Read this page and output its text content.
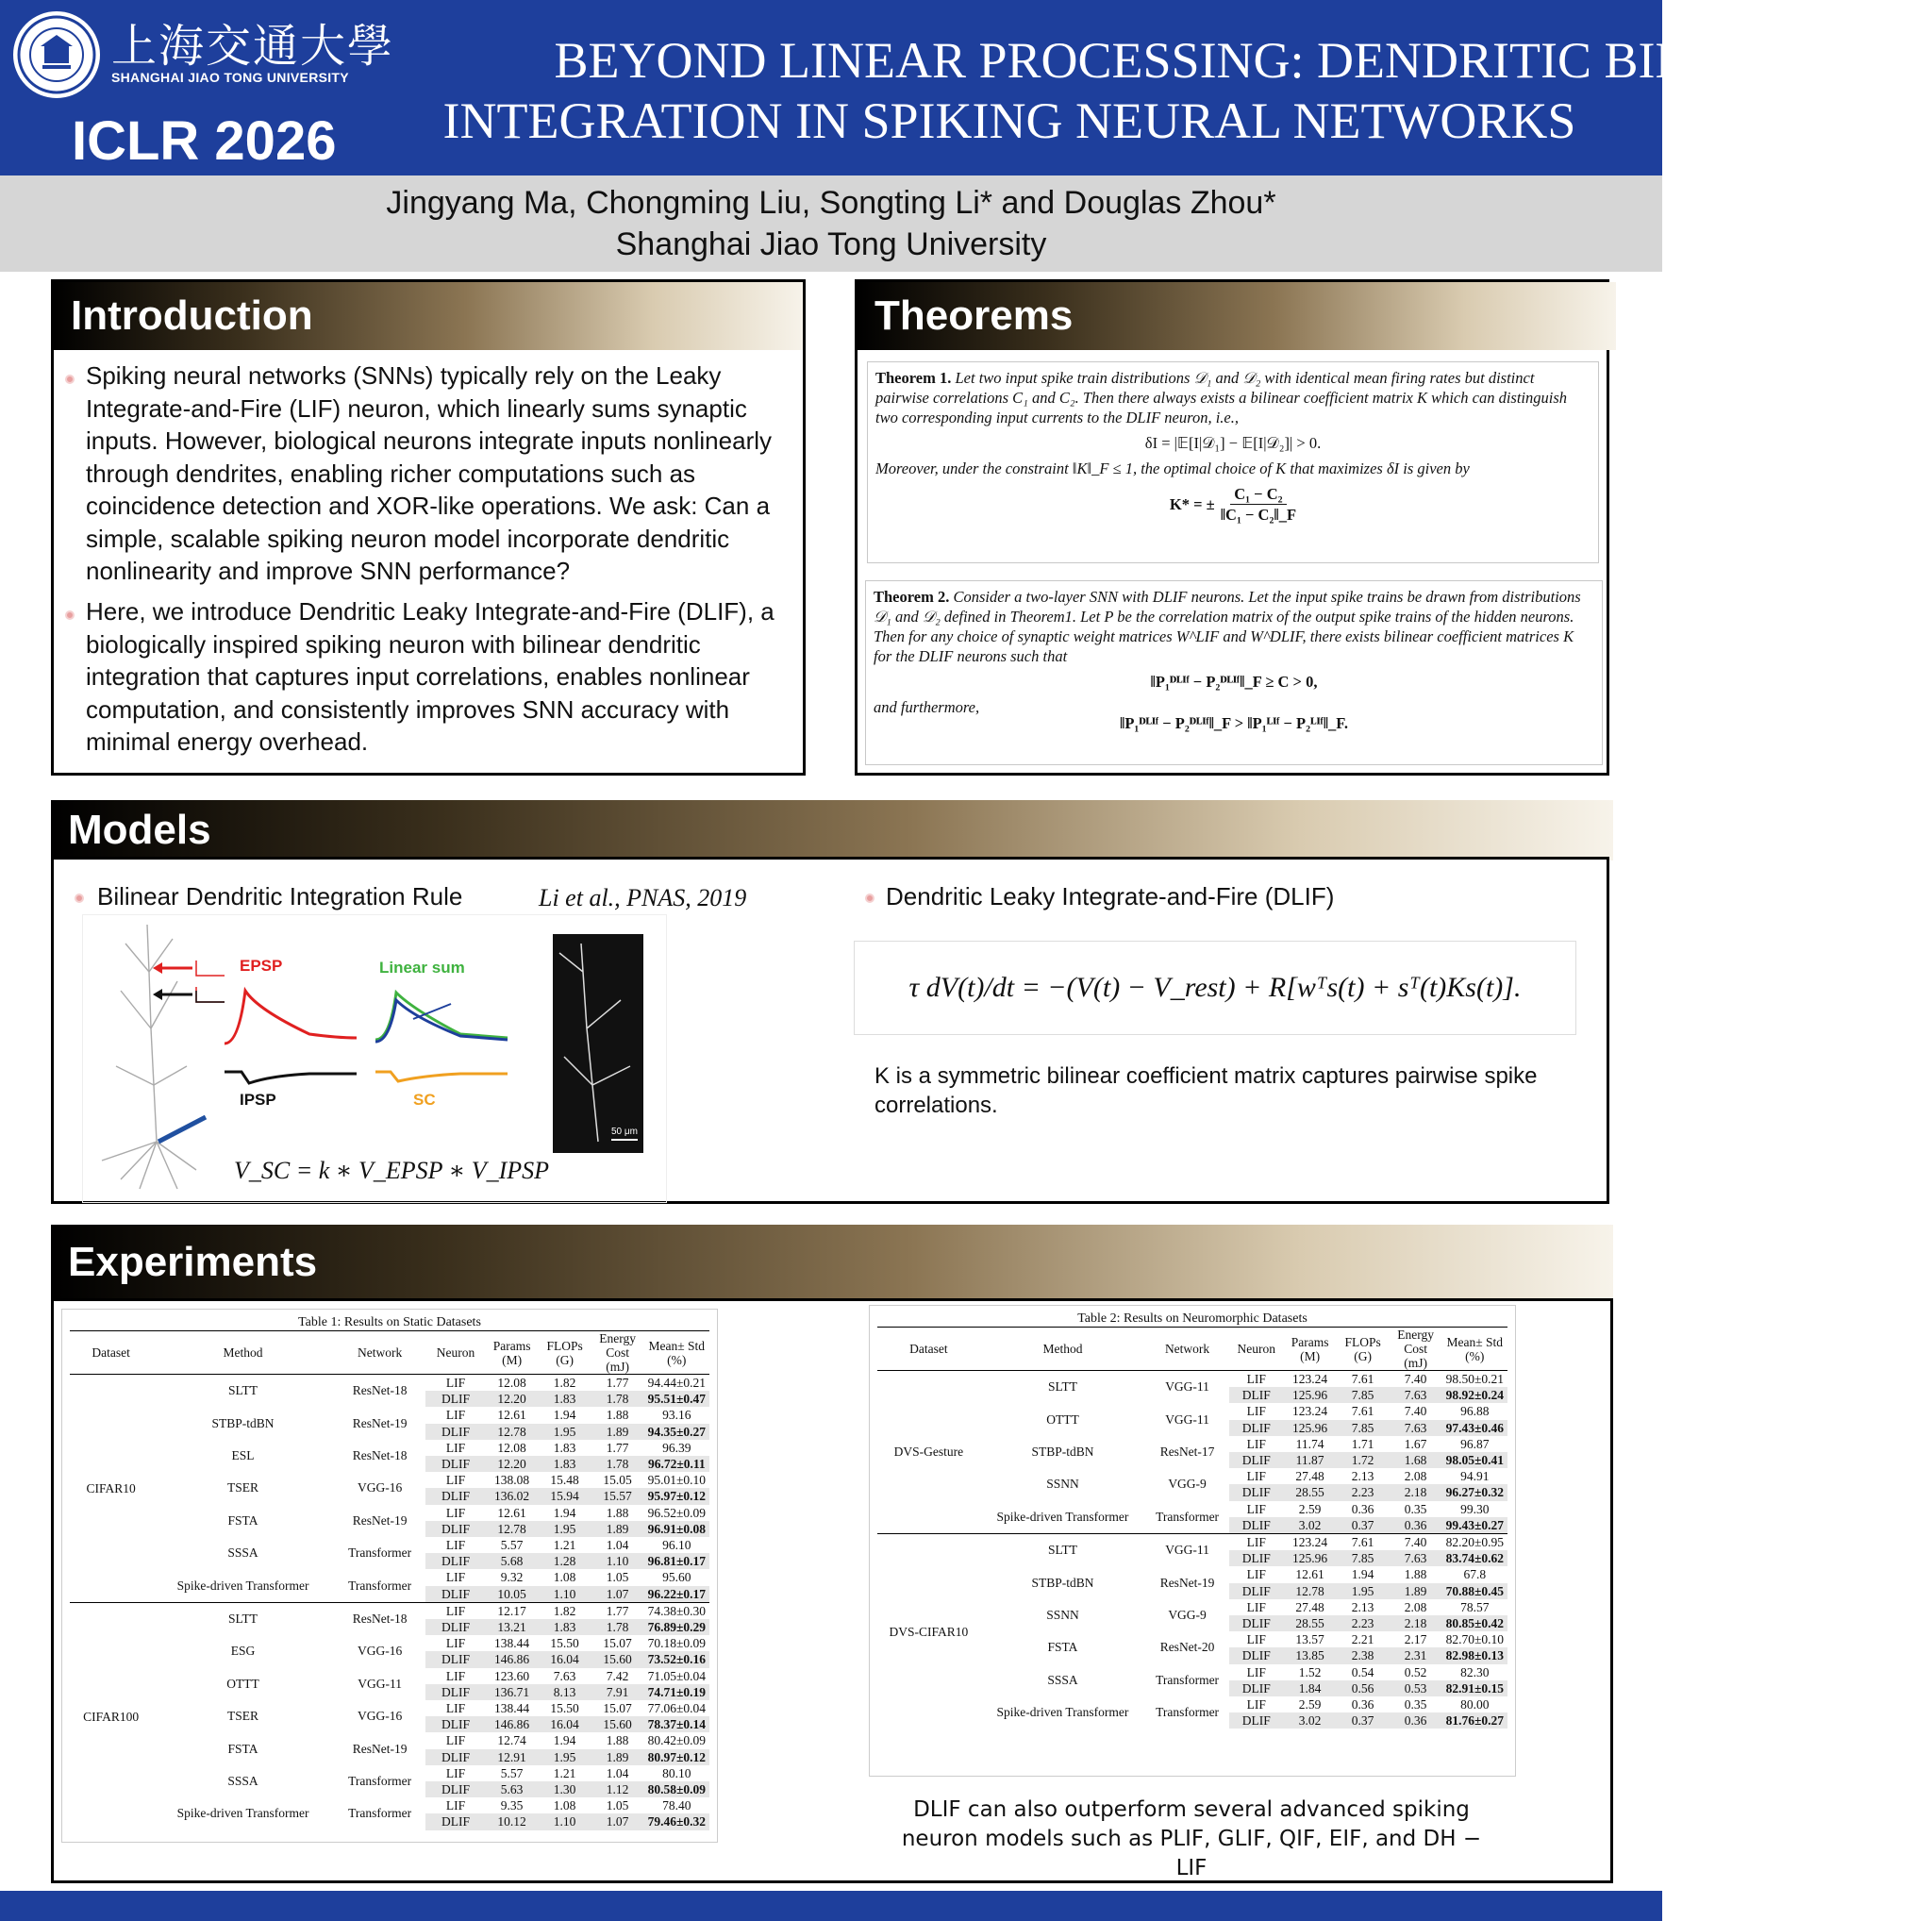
上海交通大學
SHANGHAI JIAO TONG UNIVERSITY
ICLR 2026
BEYOND LINEAR PROCESSING: DENDRITIC BILINEAR
INTEGRATION IN SPIKING NEURAL NETWORKS
Jingyang Ma, Chongming Liu, Songting Li* and Douglas Zhou*
Shanghai Jiao Tong University
Introduction
Spiking neural networks (SNNs) typically rely on the Leaky Integrate-and-Fire (LIF) neuron, which linearly sums synaptic inputs. However, biological neurons integrate inputs nonlinearly through dendrites, enabling richer computations such as coincidence detection and XOR-like operations. We ask: Can a simple, scalable spiking neuron model incorporate dendritic nonlinearity and improve SNN performance?
Here, we introduce Dendritic Leaky Integrate-and-Fire (DLIF), a biologically inspired spiking neuron with bilinear dendritic integration that captures input correlations, enables nonlinear computation, and consistently improves SNN accuracy with minimal energy overhead.
Theorems
Theorem 1. Let two input spike train distributions 𝒟₁ and 𝒟₂ with identical mean firing rates but distinct pairwise correlations C₁ and C₂. Then there always exists a bilinear coefficient matrix K which can distinguish two corresponding input currents to the DLIF neuron, i.e.,
δI = |𝔼[I|𝒟₁] − 𝔼[I|𝒟₂]| > 0.
Moreover, under the constraint ‖K‖_F ≤ 1, the optimal choice of K that maximizes δI is given by
K* = ± $\frac{\text{C₁ − C₂}}{\text{‖C₁ − C₂‖\_F}}$
Theorem 2. Consider a two-layer SNN with DLIF neurons. Let the input spike trains be drawn from distributions 𝒟₁ and 𝒟₂ defined in Theorem1. Let P be the correlation matrix of the output spike trains of the hidden neurons. Then for any choice of synaptic weight matrices W^LIF and W^DLIF, there exists bilinear coefficient matrices K for the DLIF neurons such that
‖P₁ᴰᴸᴵᶠ − P₂ᴰᴸᴵᶠ‖_F ≥ C > 0,
and furthermore,
‖P₁ᴰᴸᴵᶠ − P₂ᴰᴸᴵᶠ‖_F > ‖P₁ᴸᴵᶠ − P₂ᴸᴵᶠ‖_F.
Models
Bilinear Dendritic Integration Rule	Li et al., PNAS, 2019
EPSP	Linear sum
IPSP	SC
50 μm
V_SC = k ∗ V_EPSP ∗ V_IPSP
Dendritic Leaky Integrate-and-Fire (DLIF)
τ dV(t)/dt = −(V(t) − V_rest) + R[wᵀs(t) + sᵀ(t)Ks(t)].
K is a symmetric bilinear coefficient matrix captures pairwise spike correlations.
Experiments
Table 1: Results on Static Datasets
Dataset	Method	Network	Neuron	Params (M)	FLOPs (G)	Energy Cost (mJ)	Mean± Std (%)
CIFAR10	SLTT	ResNet-18	LIF	12.08	1.82	1.77	94.44±0.21
			DLIF	12.20	1.83	1.78	95.51±0.47
	STBP-tdBN	ResNet-19	LIF	12.61	1.94	1.88	93.16
			DLIF	12.78	1.95	1.89	94.35±0.27
	ESL	ResNet-18	LIF	12.08	1.83	1.77	96.39
			DLIF	12.20	1.83	1.78	96.72±0.11
	TSER	VGG-16	LIF	138.08	15.48	15.05	95.01±0.10
			DLIF	136.02	15.94	15.57	95.97±0.12
	FSTA	ResNet-19	LIF	12.61	1.94	1.88	96.52±0.09
			DLIF	12.78	1.95	1.89	96.91±0.08
	SSSA	Transformer	LIF	5.57	1.21	1.04	96.10
			DLIF	5.68	1.28	1.10	96.81±0.17
	Spike-driven Transformer	Transformer	LIF	9.32	1.08	1.05	95.60
			DLIF	10.05	1.10	1.07	96.22±0.17
CIFAR100	SLTT	ResNet-18	LIF	12.17	1.82	1.77	74.38±0.30
			DLIF	13.21	1.83	1.78	76.89±0.29
	ESG	VGG-16	LIF	138.44	15.50	15.07	70.18±0.09
			DLIF	146.86	16.04	15.60	73.52±0.16
	OTTT	VGG-11	LIF	123.60	7.63	7.42	71.05±0.04
			DLIF	136.71	8.13	7.91	74.71±0.19
	TSER	VGG-16	LIF	138.44	15.50	15.07	77.06±0.04
			DLIF	146.86	16.04	15.60	78.37±0.14
	FSTA	ResNet-19	LIF	12.74	1.94	1.88	80.42±0.09
			DLIF	12.91	1.95	1.89	80.97±0.12
	SSSA	Transformer	LIF	5.57	1.21	1.04	80.10
			DLIF	5.63	1.30	1.12	80.58±0.09
	Spike-driven Transformer	Transformer	LIF	9.35	1.08	1.05	78.40
			DLIF	10.12	1.10	1.07	79.46±0.32
Table 2: Results on Neuromorphic Datasets
Dataset	Method	Network	Neuron	Params (M)	FLOPs (G)	Energy Cost (mJ)	Mean± Std (%)
DVS-Gesture	SLTT	VGG-11	LIF	123.24	7.61	7.40	98.50±0.21
			DLIF	125.96	7.85	7.63	98.92±0.24
	OTTT	VGG-11	LIF	123.24	7.61	7.40	96.88
			DLIF	125.96	7.85	7.63	97.43±0.46
	STBP-tdBN	ResNet-17	LIF	11.74	1.71	1.67	96.87
			DLIF	11.87	1.72	1.68	98.05±0.41
	SSNN	VGG-9	LIF	27.48	2.13	2.08	94.91
			DLIF	28.55	2.23	2.18	96.27±0.32
	Spike-driven Transformer	Transformer	LIF	2.59	0.36	0.35	99.30
			DLIF	3.02	0.37	0.36	99.43±0.27
DVS-CIFAR10	SLTT	VGG-11	LIF	123.24	7.61	7.40	82.20±0.95
			DLIF	125.96	7.85	7.63	83.74±0.62
	STBP-tdBN	ResNet-19	LIF	12.61	1.94	1.88	67.8
			DLIF	12.78	1.95	1.89	70.88±0.45
	SSNN	VGG-9	LIF	27.48	2.13	2.08	78.57
			DLIF	28.55	2.23	2.18	80.85±0.42
	FSTA	ResNet-20	LIF	13.57	2.21	2.17	82.70±0.10
			DLIF	13.85	2.38	2.31	82.98±0.13
	SSSA	Transformer	LIF	1.52	0.54	0.52	82.30
			DLIF	1.84	0.56	0.53	82.91±0.15
	Spike-driven Transformer	Transformer	LIF	2.59	0.36	0.35	80.00
			DLIF	3.02	0.37	0.36	81.76±0.27
DLIF can also outperform several advanced spiking neuron models such as PLIF, GLIF, QIF, EIF, and DH − LIF
